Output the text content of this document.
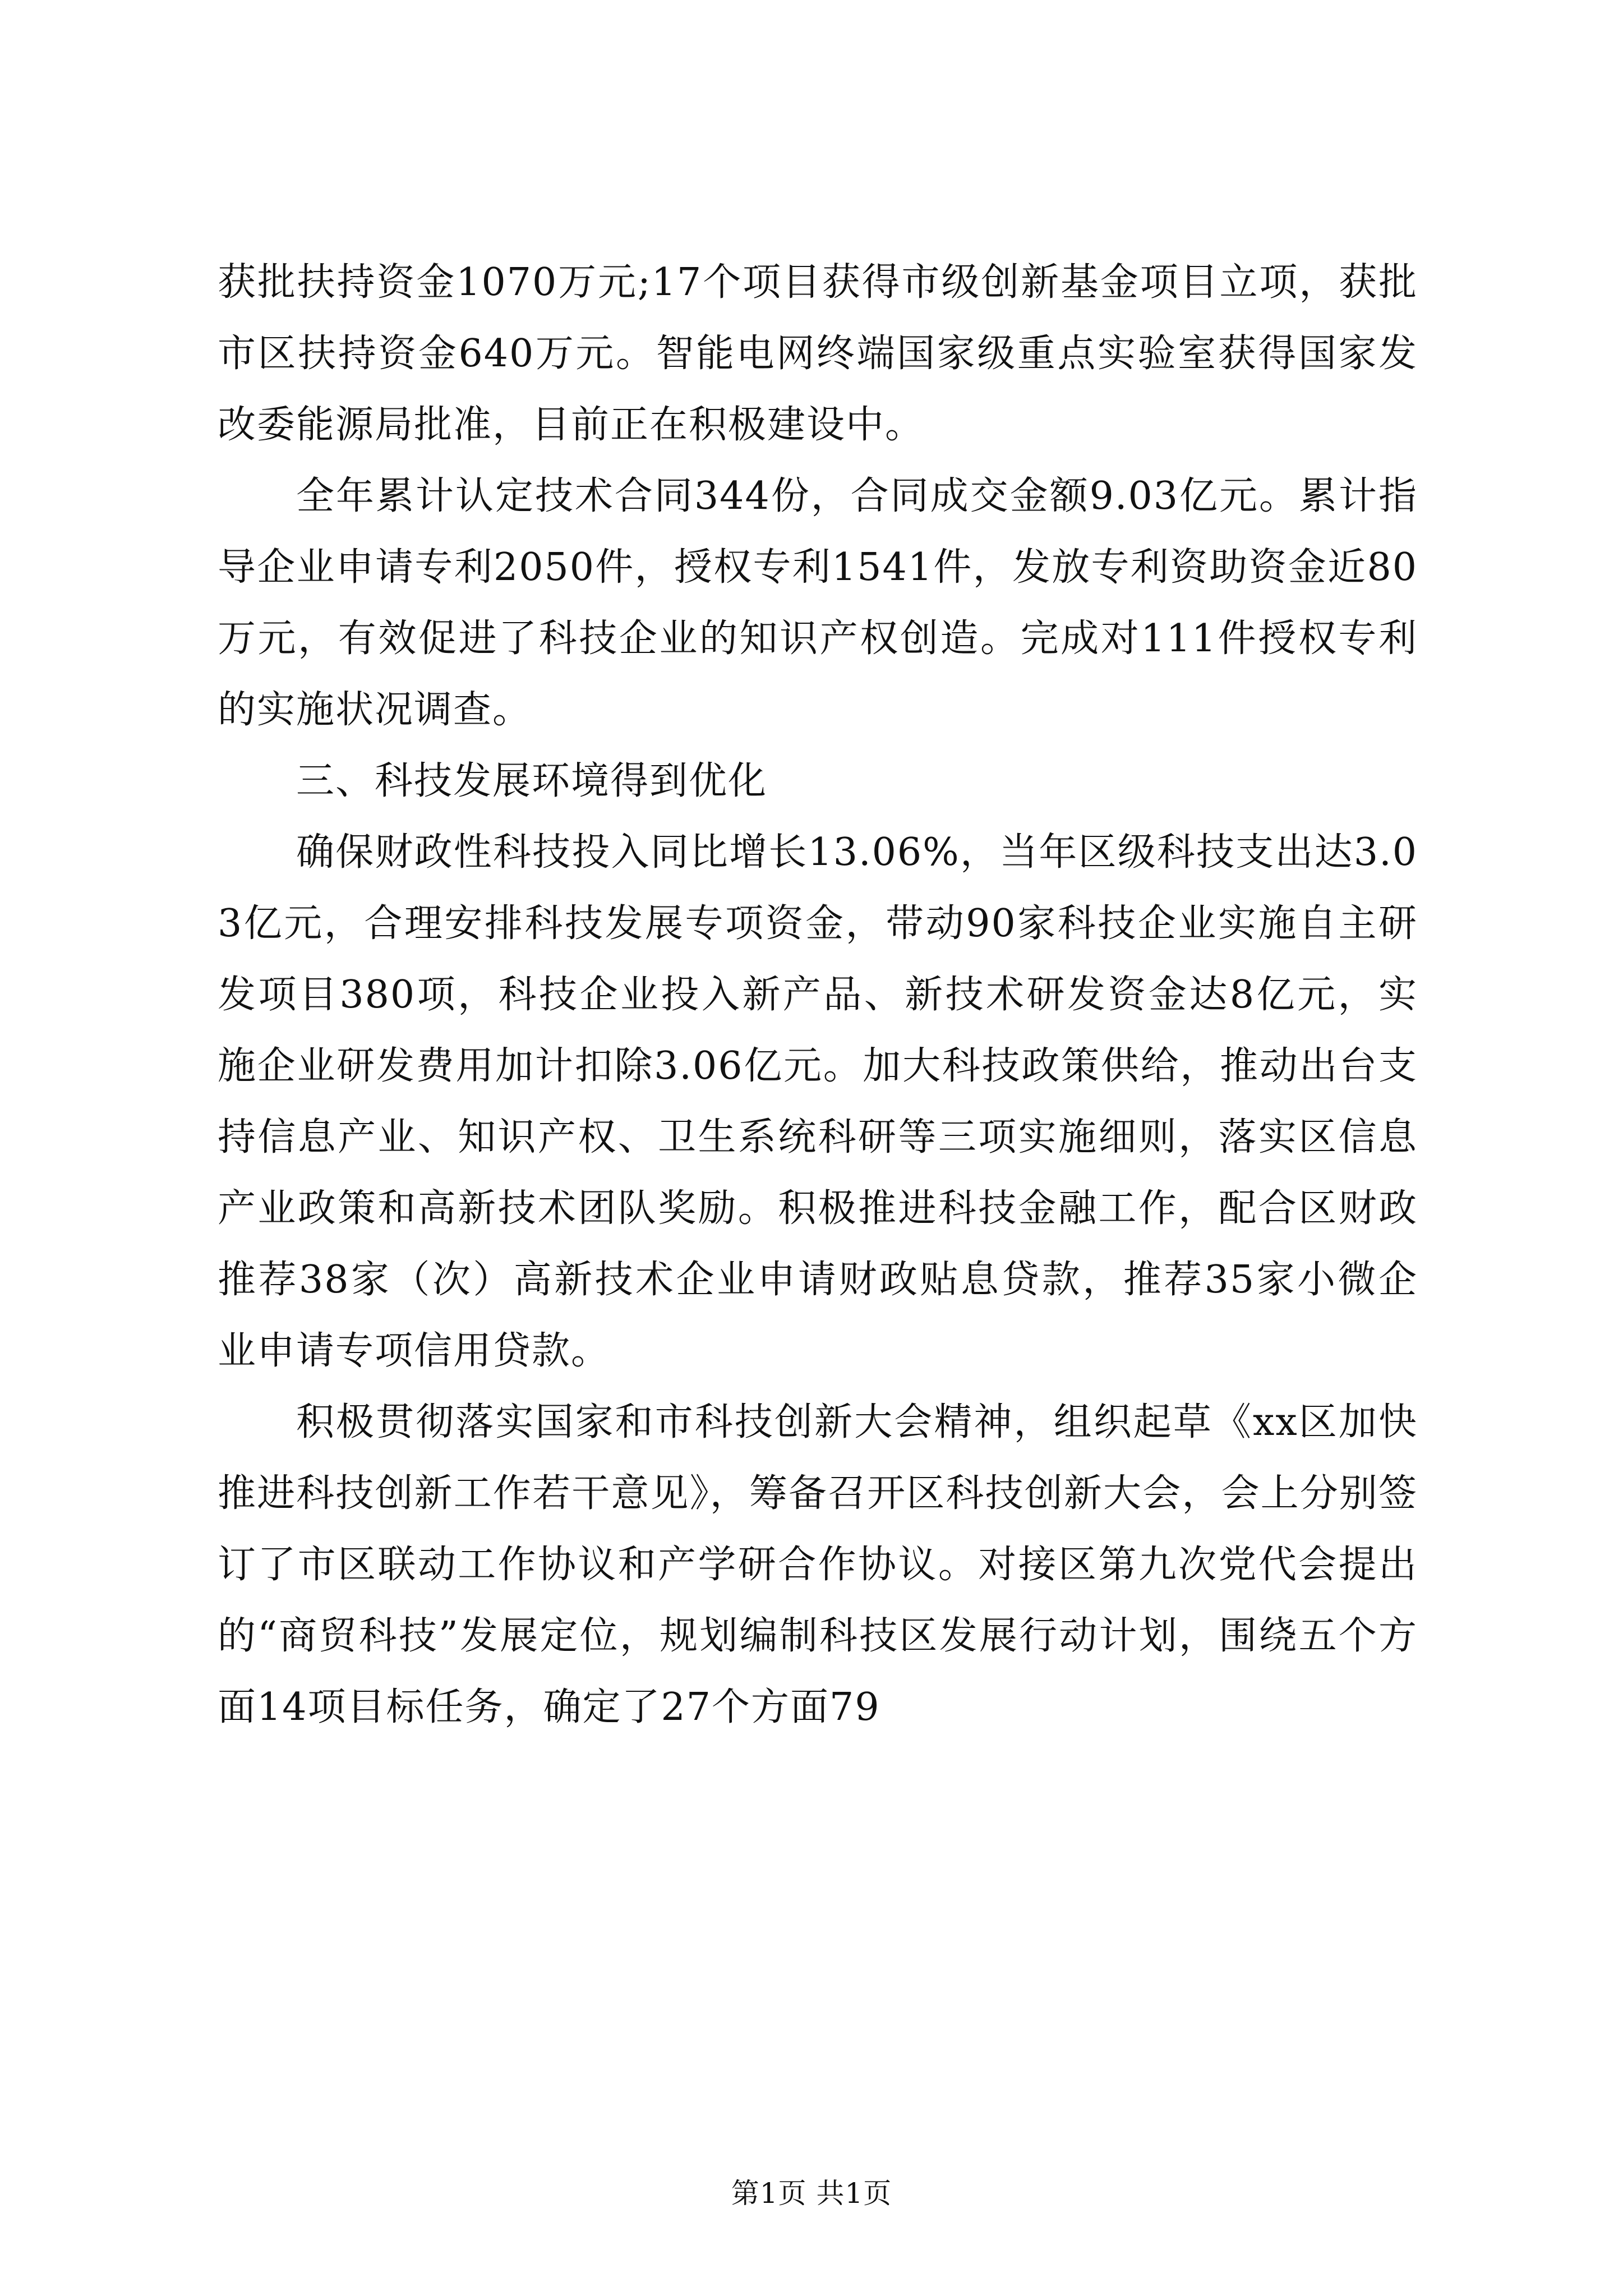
获批扶持资金1070万元;17个项目获得市级创新基金项目立项，获批市区扶持资金640万元。智能电网终端国家级重点实验室获得国家发改委能源局批准，目前正在积极建设中。

全年累计认定技术合同344份，合同成交金额9.03亿元。累计指导企业申请专利2050件，授权专利1541件，发放专利资助资金近80万元，有效促进了科技企业的知识产权创造。完成对111件授权专利的实施状况调查。

三、科技发展环境得到优化

确保财政性科技投入同比增长13.06%，当年区级科技支出达3.03亿元，合理安排科技发展专项资金，带动90家科技企业实施自主研发项目380项，科技企业投入新产品、新技术研发资金达8亿元，实施企业研发费用加计扣除3.06亿元。加大科技政策供给，推动出台支持信息产业、知识产权、卫生系统科研等三项实施细则，落实区信息产业政策和高新技术团队奖励。积极推进科技金融工作，配合区财政推荐38家（次）高新技术企业申请财政贴息贷款，推荐35家小微企业申请专项信用贷款。

积极贯彻落实国家和市科技创新大会精神，组织起草《xx区加快推进科技创新工作若干意见》，筹备召开区科技创新大会，会上分别签订了市区联动工作协议和产学研合作协议。对接区第九次党代会提出的“商贸科技”发展定位，规划编制科技区发展行动计划，围绕五个方面14项目标任务，确定了27个方面79

第1页 共1页
